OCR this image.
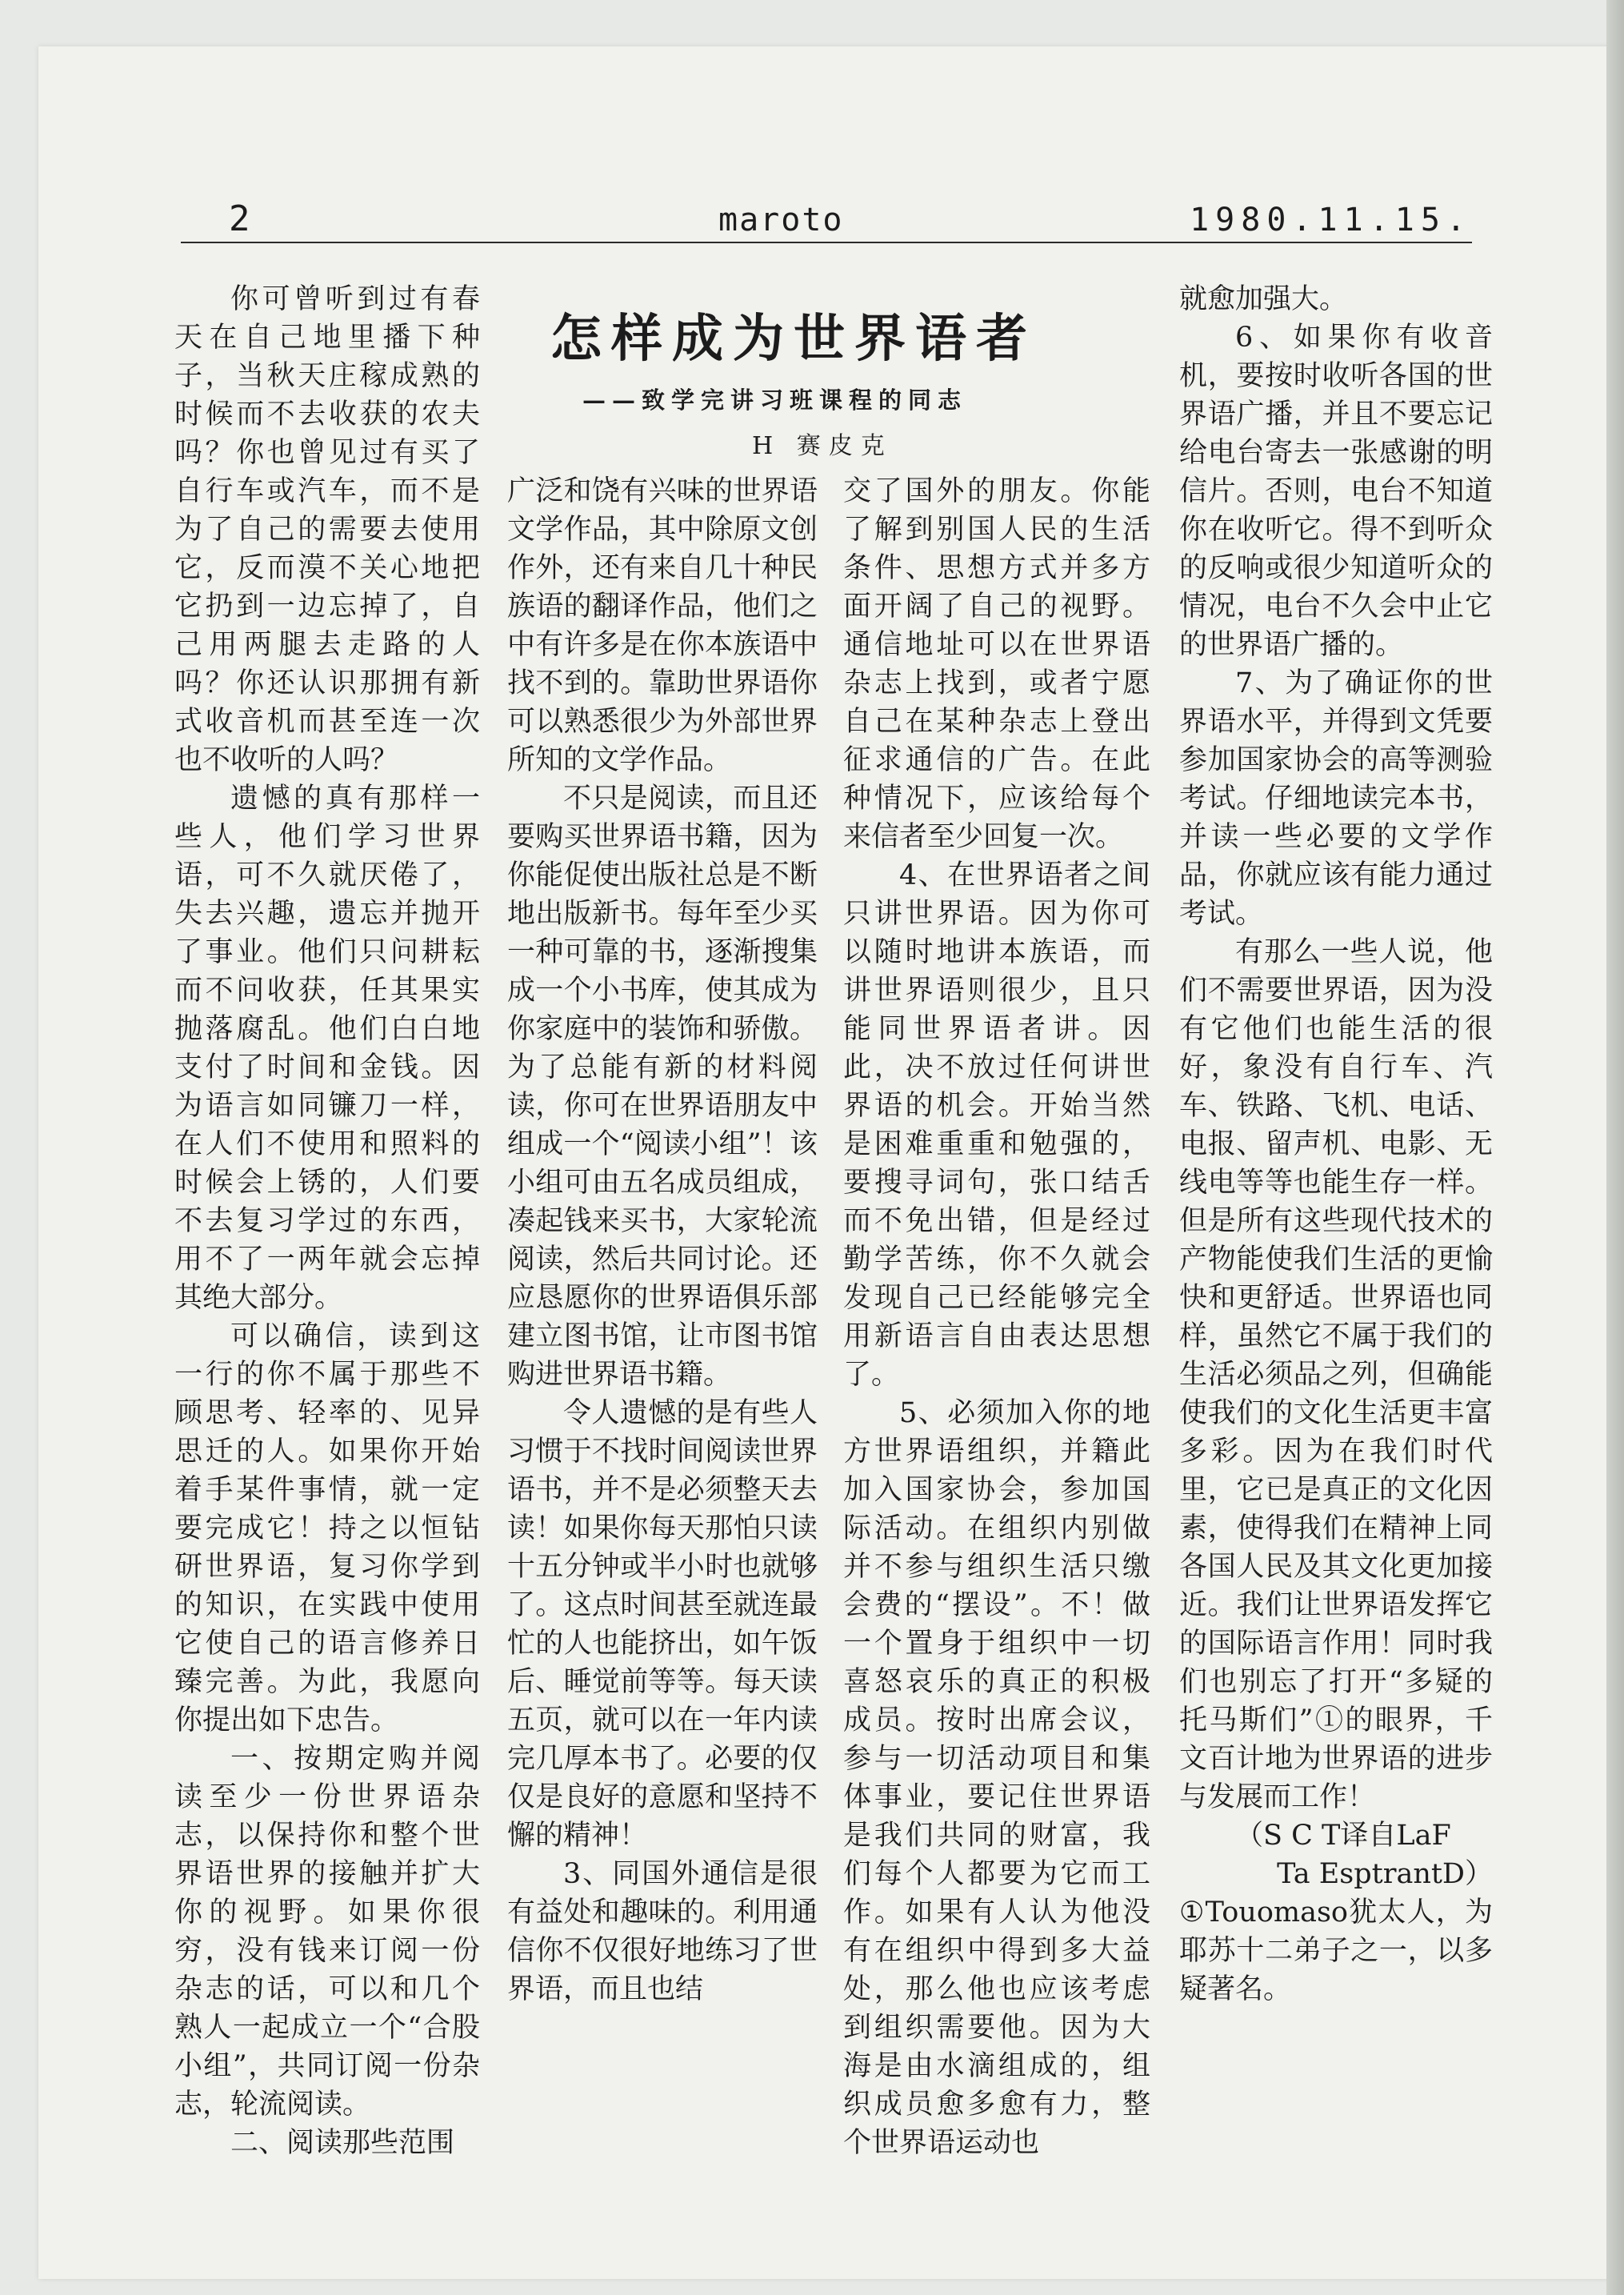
2	maroto	1980.11.15.
怎样成为世界语者
——致学完讲习班课程的同志
H 赛皮克

你可曾听到过有春天在自己地里播下种子，当秋天庄稼成熟的时候而不去收获的农夫吗？你也曾见过有买了自行车或汽车，而不是为了自己的需要去使用它，反而漠不关心地把它扔到一边忘掉了，自己用两腿去走路的人吗？你还认识那拥有新式收音机而甚至连一次也不收听的人吗？

遗憾的真有那样一些人，他们学习世界语，可不久就厌倦了，失去兴趣，遗忘并抛开了事业。他们只问耕耘而不问收获，任其果实抛落腐乱。他们白白地支付了时间和金钱。因为语言如同镰刀一样，在人们不使用和照料的时候会上锈的，人们要不去复习学过的东西，用不了一两年就会忘掉其绝大部分。

可以确信，读到这一行的你不属于那些不顾思考、轻率的、见异思迁的人。如果你开始着手某件事情，就一定要完成它！持之以恒钻研世界语，复习你学到的知识，在实践中使用它使自己的语言修养日臻完善。为此，我愿向你提出如下忠告。

一、按期定购并阅读至少一份世界语杂志，以保持你和整个世界语世界的接触并扩大你的视野。如果你很穷，没有钱来订阅一份杂志的话，可以和几个熟人一起成立一个“合股小组”，共同订阅一份杂志，轮流阅读。

二、阅读那些范围

广泛和饶有兴味的世界语文学作品，其中除原文创作外，还有来自几十种民族语的翻译作品，他们之中有许多是在你本族语中找不到的。靠助世界语你可以熟悉很少为外部世界所知的文学作品。

不只是阅读，而且还要购买世界语书籍，因为你能促使出版社总是不断地出版新书。每年至少买一种可靠的书，逐渐搜集成一个小书库，使其成为你家庭中的装饰和骄傲。为了总能有新的材料阅读，你可在世界语朋友中组成一个“阅读小组”！该小组可由五名成员组成，凑起钱来买书，大家轮流阅读，然后共同讨论。还应恳愿你的世界语俱乐部建立图书馆，让市图书馆购进世界语书籍。

令人遗憾的是有些人习惯于不找时间阅读世界语书，并不是必须整天去读！如果你每天那怕只读十五分钟或半小时也就够了。这点时间甚至就连最忙的人也能挤出，如午饭后、睡觉前等等。每天读五页，就可以在一年内读完几厚本书了。必要的仅仅是良好的意愿和坚持不懈的精神！

3、同国外通信是很有益处和趣味的。利用通信你不仅很好地练习了世界语，而且也结

交了国外的朋友。你能了解到别国人民的生活条件、思想方式并多方面开阔了自己的视野。通信地址可以在世界语杂志上找到，或者宁愿自己在某种杂志上登出征求通信的广告。在此种情况下，应该给每个来信者至少回复一次。

4、在世界语者之间只讲世界语。因为你可以随时地讲本族语，而讲世界语则很少，且只能同世界语者讲。因此，决不放过任何讲世界语的机会。开始当然是困难重重和勉强的，要搜寻词句，张口结舌而不免出错，但是经过勤学苦练，你不久就会发现自己已经能够完全用新语言自由表达思想了。

5、必须加入你的地方世界语组织，并籍此加入国家协会，参加国际活动。在组织内别做并不参与组织生活只缴会费的“摆设”。不！做一个置身于组织中一切喜怒哀乐的真正的积极成员。按时出席会议，参与一切活动项目和集体事业，要记住世界语是我们共同的财富，我们每个人都要为它而工作。如果有人认为他没有在组织中得到多大益处，那么他也应该考虑到组织需要他。因为大海是由水滴组成的，组织成员愈多愈有力，整个世界语运动也

就愈加强大。

6、如果你有收音机，要按时收听各国的世界语广播，并且不要忘记给电台寄去一张感谢的明信片。否则，电台不知道你在收听它。得不到听众的反响或很少知道听众的情况，电台不久会中止它的世界语广播的。

7、为了确证你的世界语水平，并得到文凭要参加国家协会的高等测验考试。仔细地读完本书，并读一些必要的文学作品，你就应该有能力通过考试。

有那么一些人说，他们不需要世界语，因为没有它他们也能生活的很好，象没有自行车、汽车、铁路、飞机、电话、电报、留声机、电影、无线电等等也能生存一样。但是所有这些现代技术的产物能使我们生活的更愉快和更舒适。世界语也同样，虽然它不属于我们的生活必须品之列，但确能使我们的文化生活更丰富多彩。因为在我们时代里，它已是真正的文化因素，使得我们在精神上同各国人民及其文化更加接近。我们让世界语发挥它的国际语言作用！同时我们也别忘了打开“多疑的托马斯们”①的眼界，千文百计地为世界语的进步与发展而工作！

（S C T译自LaF

Ta EsptrantD）

①Touomaso犹太人，为耶苏十二弟子之一，以多疑著名。
